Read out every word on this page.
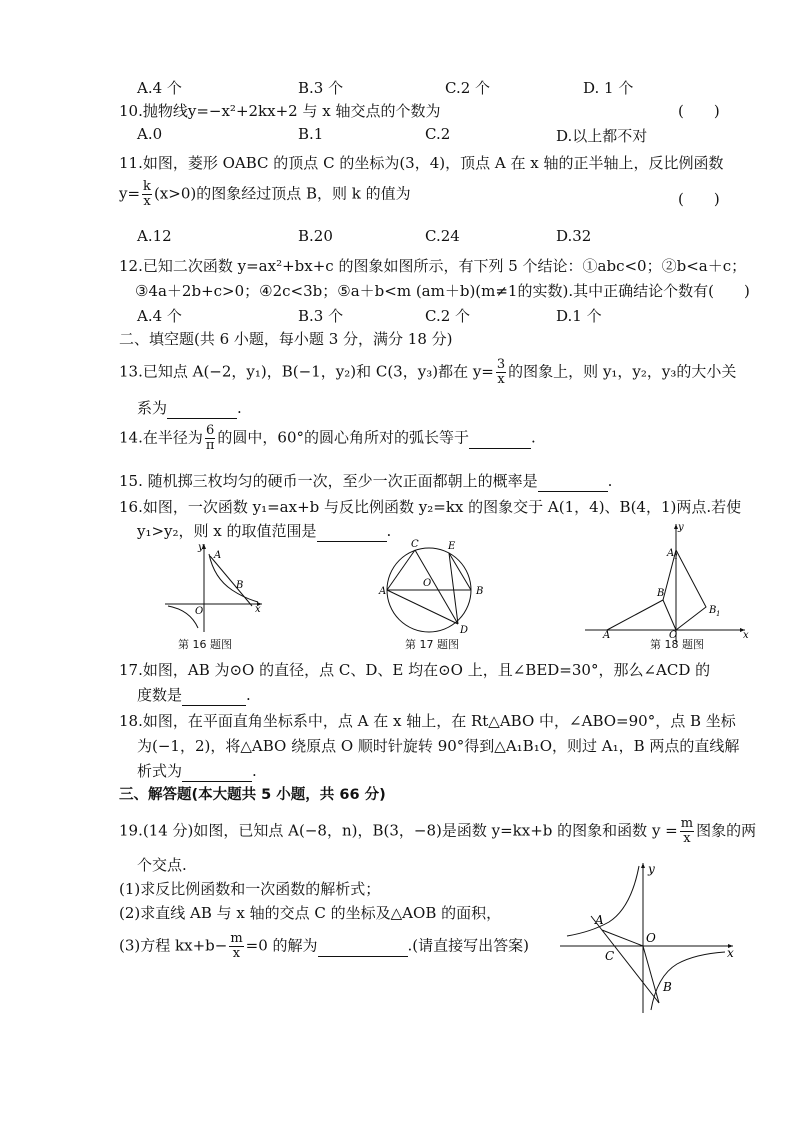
A.4 个	B.3 个	C.2 个	D. 1 个
10.抛物线y=−x²+2kx+2 与 x 轴交点的个数为	(　　)
A.0	B.1	C.2	D.以上都不对
11.如图，菱形 OABC 的顶点 C 的坐标为(3，4)，顶点 A 在 x 轴的正半轴上，反比例函数
$y= \frac{k}{x} (x>0)$的图象经过顶点 B，则 k 的值为	(　　)
A.12	B.20	C.24	D.32
12.已知二次函数 y=ax²+bx+c 的图象如图所示，有下列 5 个结论：①abc<0；②b<a＋c；
③4a＋2b+c>0；④2c<3b；⑤a＋b<m (am＋b)(m≠1的实数).其中正确结论个数有(　　)
A.4 个	B.3 个	C.2 个	D.1 个
二、填空题(共 6 小题，每小题 3 分，满分 18 分)
13.已知点 A(−2，y₁)，B(−1，y₂)和 C(3，y₃)都在 $y= \frac{3}{x}$ 的图象上，则 y₁，y₂，y₃的大小关
系为	.
14.在半径为 $\frac{6}{\pi}$ 的圆中，60°的圆心角所对的弧长等于	.
15. 随机掷三枚均匀的硬币一次，至少一次正面都朝上的概率是	.
16.如图，一次函数 y₁=ax+b 与反比例函数 y₂=kx 的图象交于 A(1，4)、B(4，1)两点.若使
y₁>y₂，则 x 的取值范围是	.
y
A
B
O	x
第 16 题图
C	E
A	B
O
D
第 17 题图
y
A 1
B
B 1
A	O	x
第 18 题图
17.如图，AB 为⊙O 的直径，点 C、D、E 均在⊙O 上，且∠BED=30°，那么∠ACD 的
度数是	.
18.如图，在平面直角坐标系中，点 A 在 x 轴上，在 Rt△ABO 中，∠ABO=90°，点 B 坐标
为(−1，2)，将△ABO 绕原点 O 顺时针旋转 90°得到△A₁B₁O，则过 A₁，B 两点的直线解
析式为	.
三、解答题(本大题共 5 小题，共 66 分)
19.(14 分)如图，已知点 A(−8，n)，B(3，−8)是函数 y=kx+b 的图象和函数 $y = \frac{m}{x}$ 图象的两
个交点.
(1)求反比例函数和一次函数的解析式；
(2)求直线 AB 与 x 轴的交点 C 的坐标及△AOB 的面积，
(3)方程 $kx+b- \frac{m}{x} =0$ 的解为	.(请直接写出答案)
y
A
O
C	x
B
